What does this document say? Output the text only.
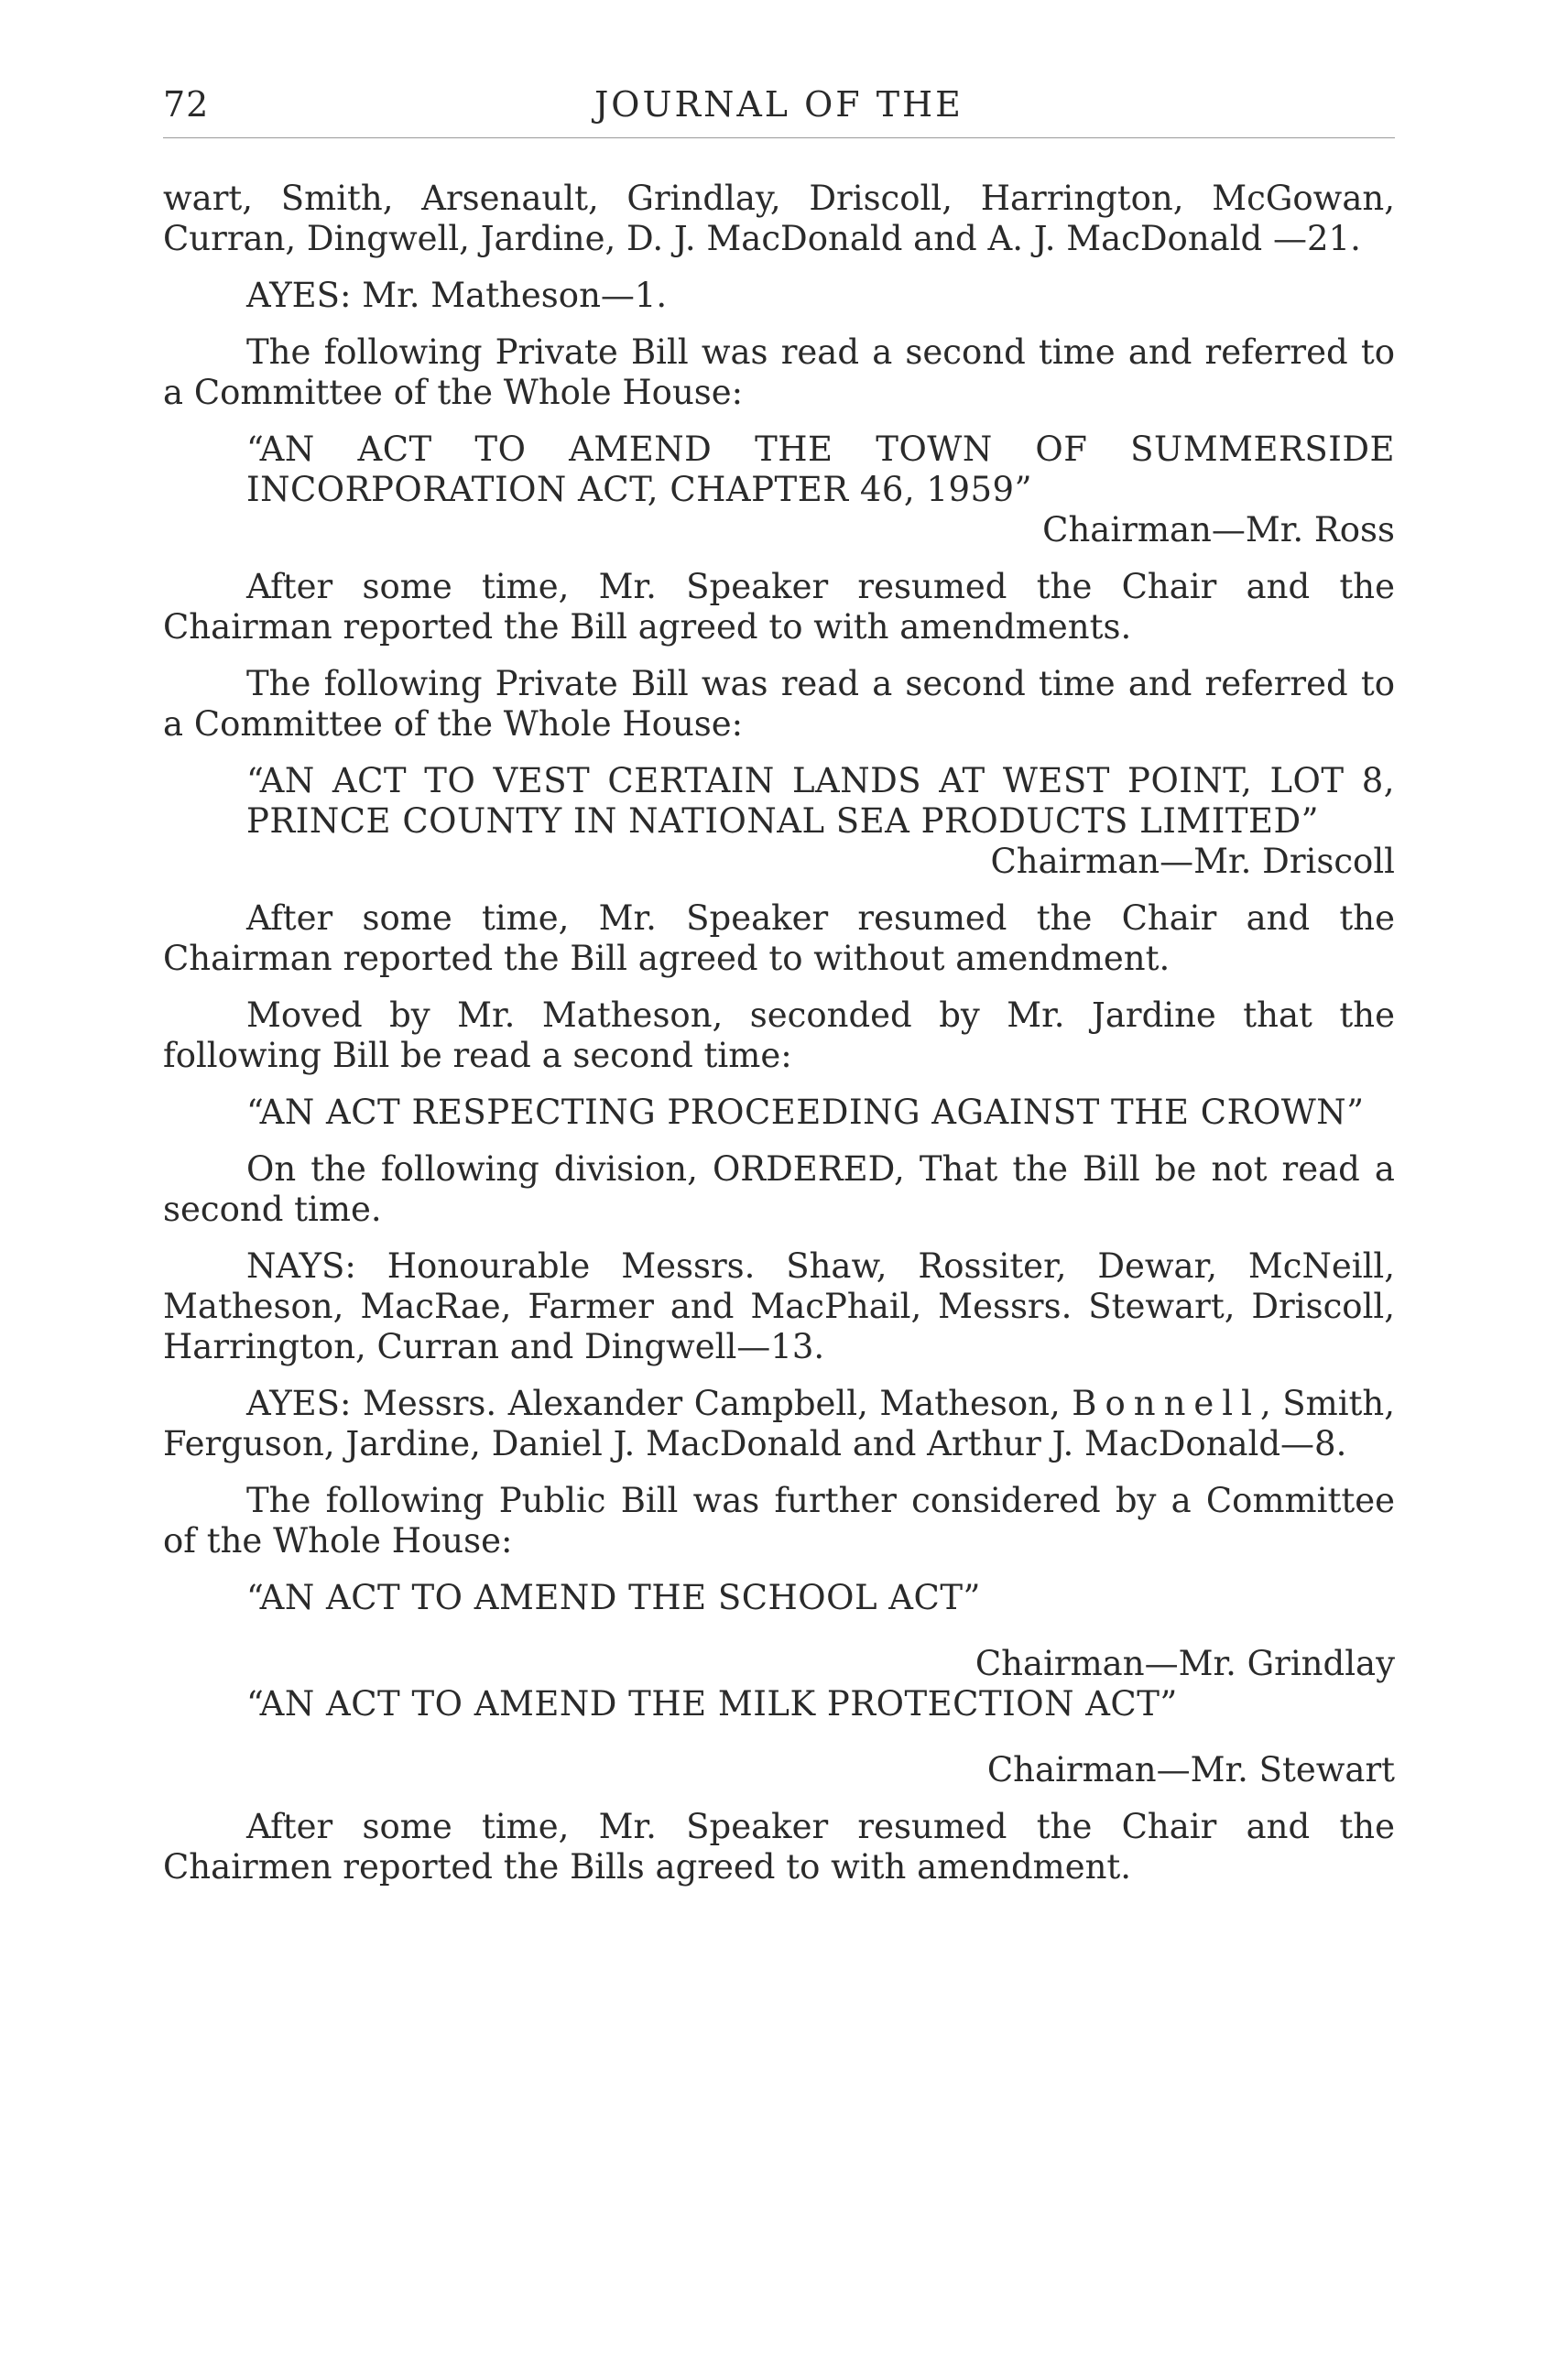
72	JOURNAL OF THE

wart, Smith, Arsenault, Grindlay, Driscoll, Harrington, McGowan, Curran, Dingwell, Jardine, D. J. MacDonald and A. J. MacDonald —21.

AYES: Mr. Matheson—1.

The following Private Bill was read a second time and referred to a Committee of the Whole House:

“AN ACT TO AMEND THE TOWN OF SUMMERSIDE INCORPORATION ACT, CHAPTER 46, 1959”

Chairman—Mr. Ross

After some time, Mr. Speaker resumed the Chair and the Chairman reported the Bill agreed to with amendments.

The following Private Bill was read a second time and referred to a Committee of the Whole House:

“AN ACT TO VEST CERTAIN LANDS AT WEST POINT, LOT 8, PRINCE COUNTY IN NATIONAL SEA PRODUCTS LIMITED”

Chairman—Mr. Driscoll

After some time, Mr. Speaker resumed the Chair and the Chairman reported the Bill agreed to without amendment.

Moved by Mr. Matheson, seconded by Mr. Jardine that the following Bill be read a second time:

“AN ACT RESPECTING PROCEEDING AGAINST THE CROWN”

On the following division, ORDERED, That the Bill be not read a second time.

NAYS: Honourable Messrs. Shaw, Rossiter, Dewar, McNeill, Matheson, MacRae, Farmer and MacPhail, Messrs. Stewart, Driscoll, Harrington, Curran and Dingwell—13.

AYES: Messrs. Alexander Campbell, Matheson, Bonnell, Smith, Ferguson, Jardine, Daniel J. MacDonald and Arthur J. MacDonald—8.

The following Public Bill was further considered by a Committee of the Whole House:

“AN ACT TO AMEND THE SCHOOL ACT”

Chairman—Mr. Grindlay

“AN ACT TO AMEND THE MILK PROTECTION ACT”

Chairman—Mr. Stewart

After some time, Mr. Speaker resumed the Chair and the Chairmen reported the Bills agreed to with amendment.
